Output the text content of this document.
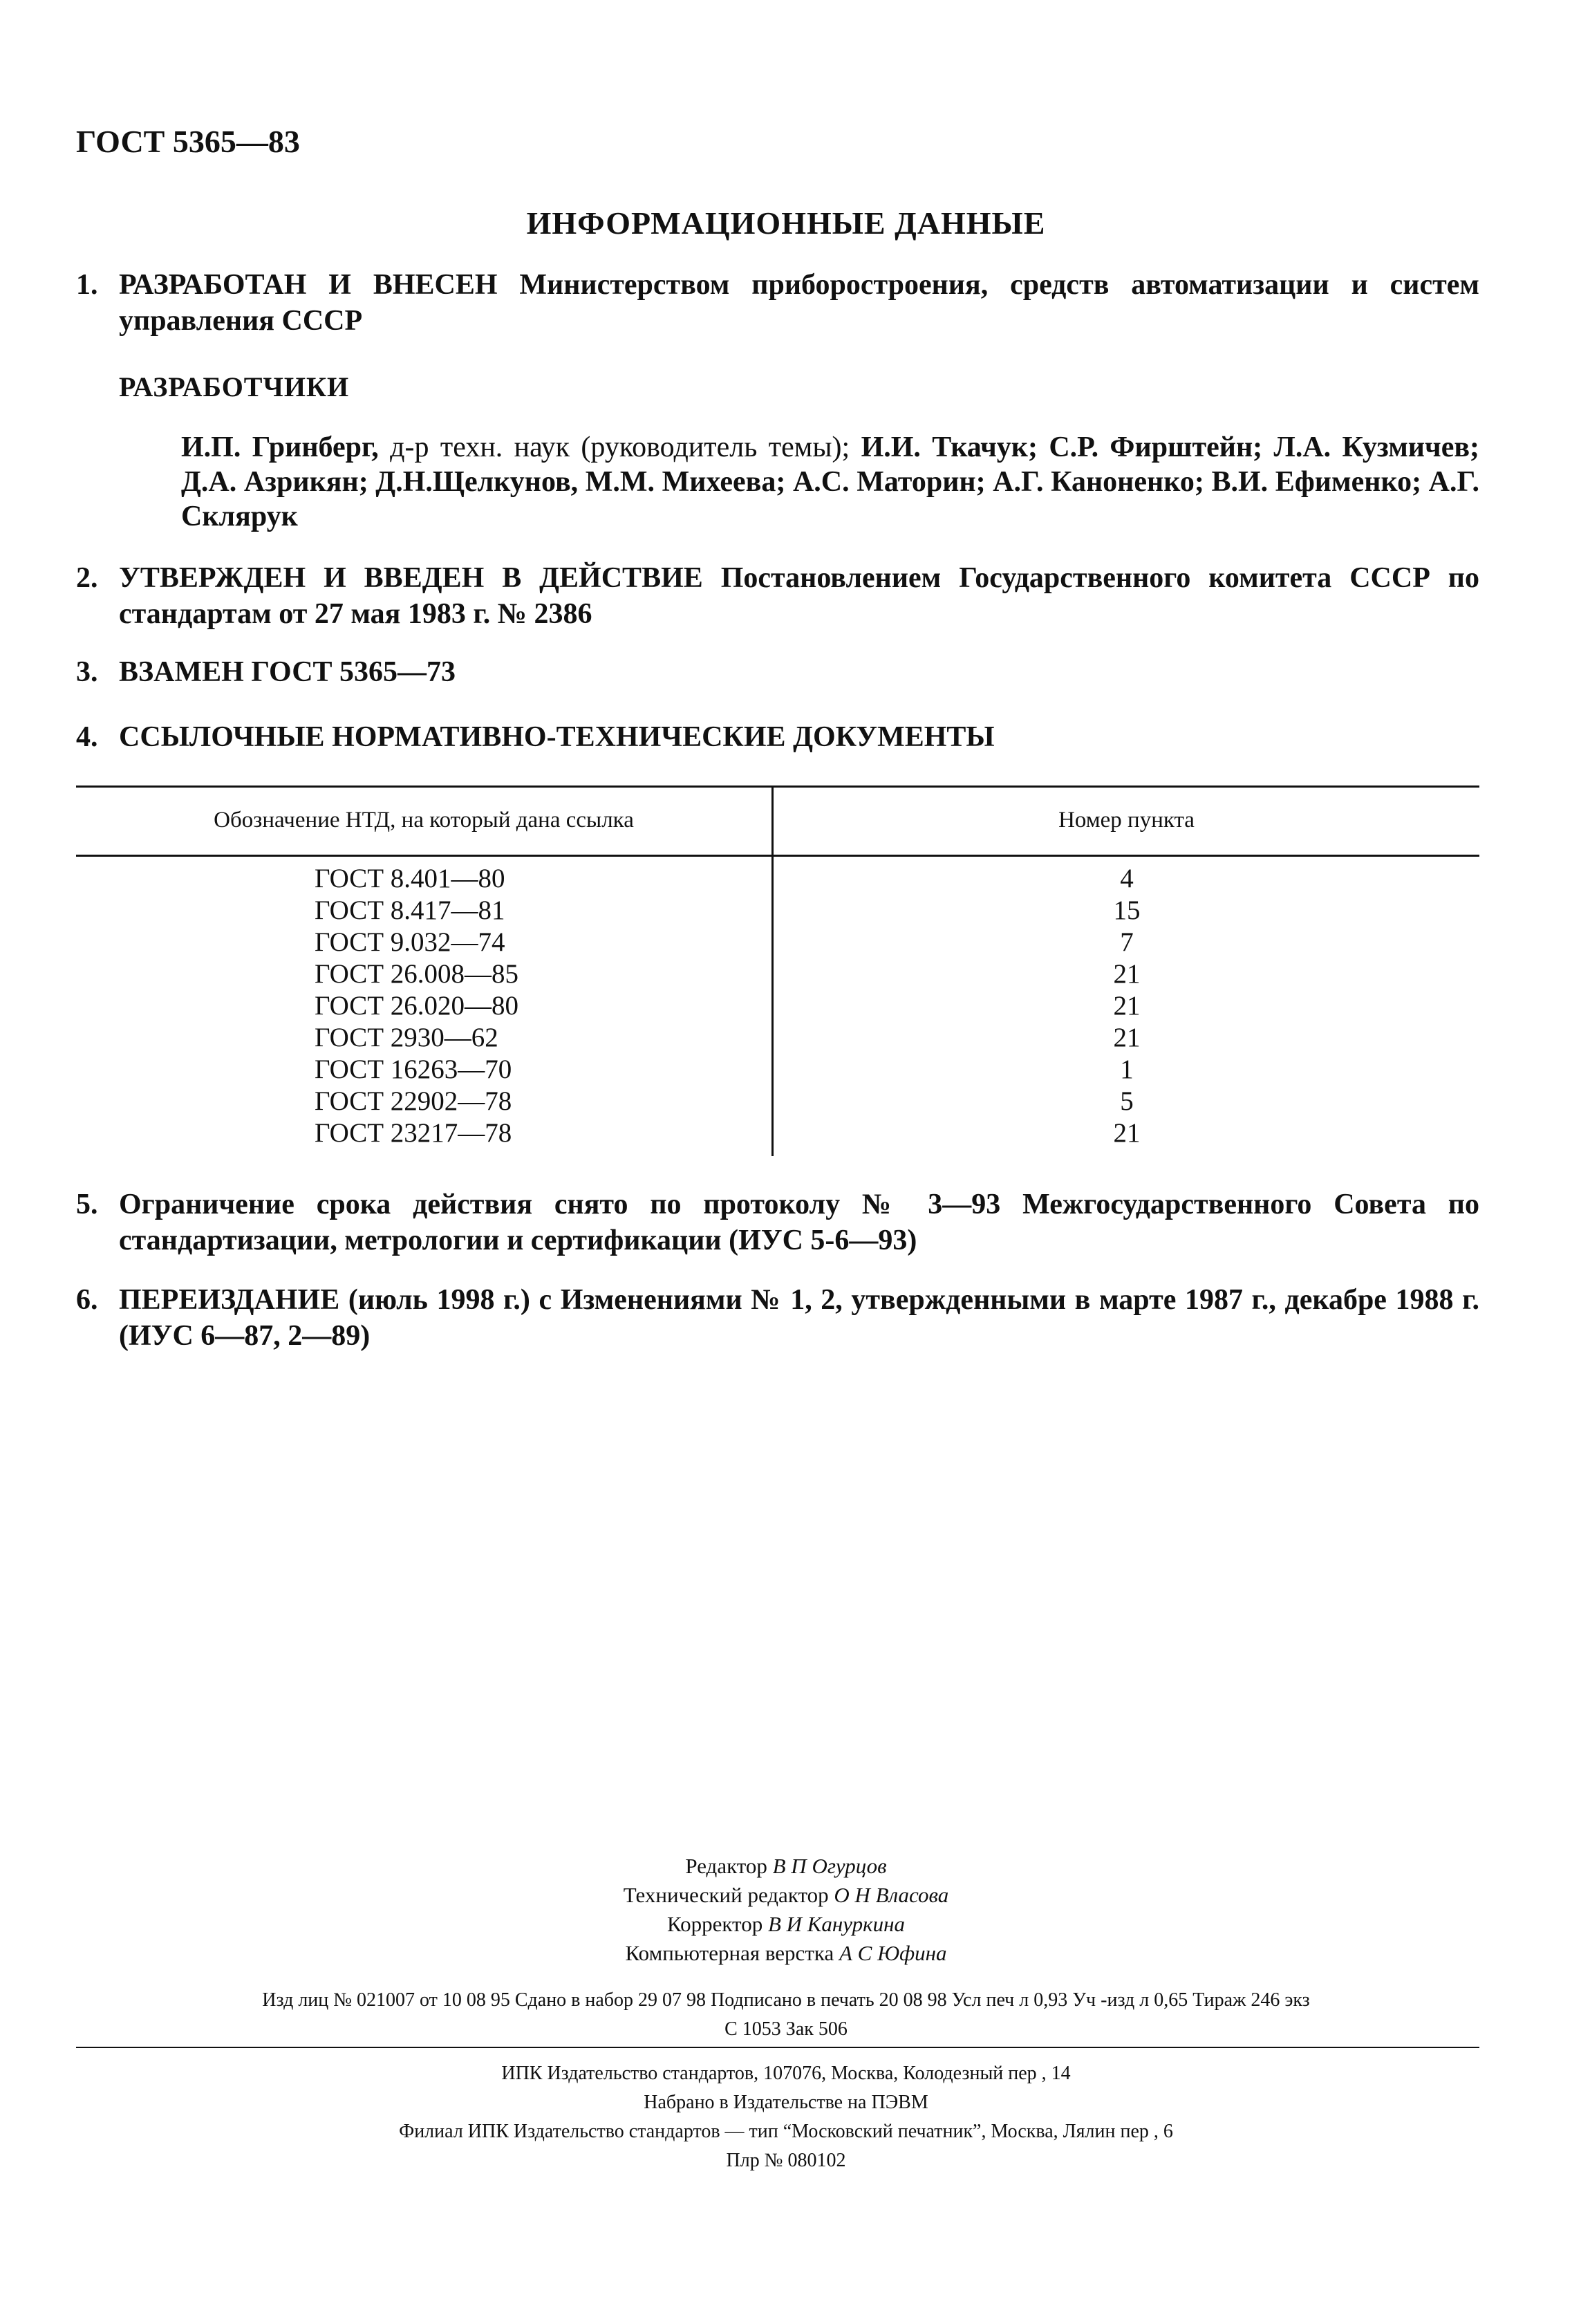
ГОСТ 5365—83
ИНФОРМАЦИОННЫЕ ДАННЫЕ
1. РАЗРАБОТАН И ВНЕСЕН Министерством приборостроения, средств автоматизации и систем управления СССР
РАЗРАБОТЧИКИ
И.П. Гринберг, д-р техн. наук (руководитель темы); И.И. Ткачук; С.Р. Фирштейн; Л.А. Кузмичев; Д.А. Азрикян; Д.Н.Щелкунов, М.М. Михеева; А.С. Маторин; А.Г. Каноненко; В.И. Ефименко; А.Г. Склярук
2. УТВЕРЖДЕН И ВВЕДЕН В ДЕЙСТВИЕ Постановлением Государственного комитета СССР по стандартам от 27 мая 1983 г. № 2386
3. ВЗАМЕН ГОСТ 5365—73
4. ССЫЛОЧНЫЕ НОРМАТИВНО-ТЕХНИЧЕСКИЕ ДОКУМЕНТЫ
Обозначение НТД, на который дана ссылка	Номер пункта
ГОСТ 8.401—80
ГОСТ 8.417—81
ГОСТ 9.032—74
ГОСТ 26.008—85
ГОСТ 26.020—80
ГОСТ 2930—62
ГОСТ 16263—70
ГОСТ 22902—78
ГОСТ 23217—78
4
15
7
21
21
21
1
5
21
5. Ограничение срока действия снято по протоколу № 3—93 Межгосударственного Совета по стандартизации, метрологии и сертификации (ИУС 5-6—93)
6. ПЕРЕИЗДАНИЕ (июль 1998 г.) с Изменениями № 1, 2, утвержденными в марте 1987 г., декабре 1988 г. (ИУС 6—87, 2—89)
Редактор В П Огурцов
Технический редактор О Н Власова
Корректор В И Кануркина
Компьютерная верстка А С Юфина
Изд лиц № 021007 от 10 08 95 Сдано в набор 29 07 98 Подписано в печать 20 08 98 Усл печ л 0,93 Уч -изд л 0,65 Тираж 246 экз
С 1053 Зак 506
ИПК Издательство стандартов, 107076, Москва, Колодезный пер , 14
Набрано в Издательстве на ПЭВМ
Филиал ИПК Издательство стандартов — тип “Московский печатник”, Москва, Лялин пер , 6
Плр № 080102
